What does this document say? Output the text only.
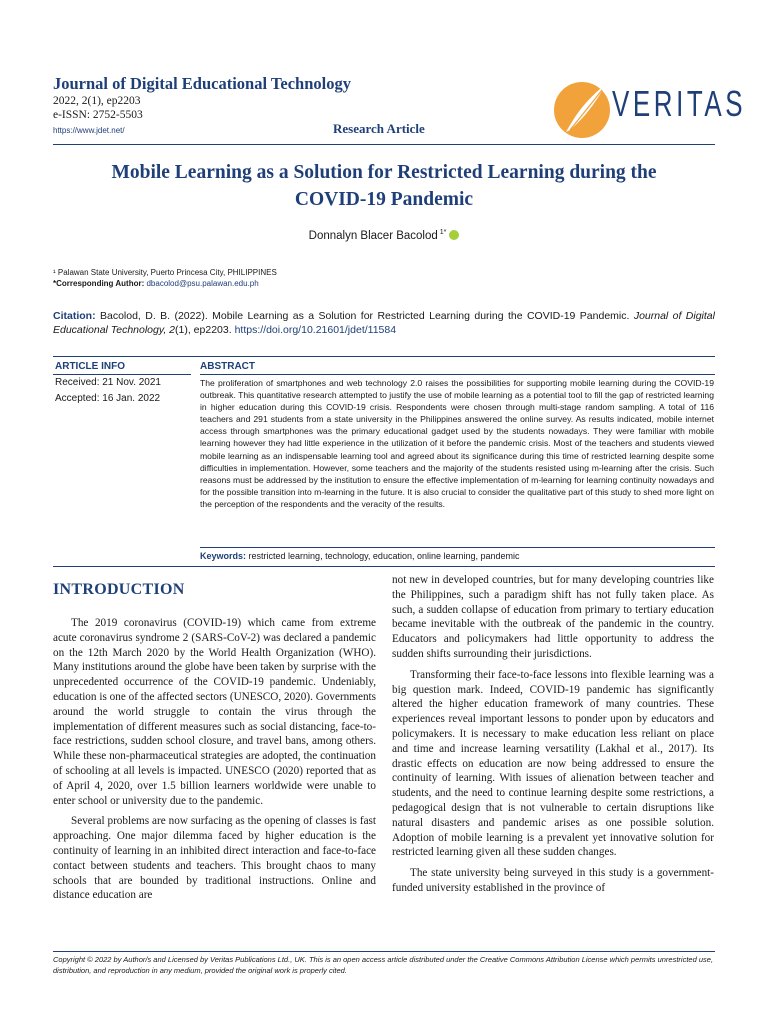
Journal of Digital Educational Technology
2022, 2(1), ep2203
e-ISSN: 2752-5503
https://www.jdet.net/	Research Article
VERITAS
Mobile Learning as a Solution for Restricted Learning during the
COVID-19 Pandemic
Donnalyn Blacer Bacolod $^{1*}$
¹ Palawan State University, Puerto Princesa City, PHILIPPINES
*Corresponding Author: dbacolod@psu.palawan.edu.ph
Citation: Bacolod, D. B. (2022). Mobile Learning as a Solution for Restricted Learning during the COVID-19 Pandemic. Journal of Digital Educational Technology, 2(1), ep2203. https://doi.org/10.21601/jdet/11584
ARTICLE INFO	ABSTRACT
Received: 21 Nov. 2021
Accepted: 16 Jan. 2022
The proliferation of smartphones and web technology 2.0 raises the possibilities for supporting mobile learning during the COVID-19 outbreak. This quantitative research attempted to justify the use of mobile learning as a potential tool to fill the gap of restricted learning in higher education during this COVID-19 crisis. Respondents were chosen through multi-stage random sampling. A total of 116 teachers and 291 students from a state university in the Philippines answered the online survey. As results indicated, mobile internet access through smartphones was the primary educational gadget used by the students nowadays. They were familiar with mobile learning however they had little experience in the utilization of it before the pandemic crisis. Most of the teachers and students viewed mobile learning as an indispensable learning tool and agreed about its significance during this time of restricted learning despite some difficulties in implementation. However, some teachers and the majority of the students resisted using m-learning after the crisis. Such reasons must be addressed by the institution to ensure the effective implementation of m-learning for learning continuity nowadays and for the possible transition into m-learning in the future. It is also crucial to consider the qualitative part of this study to shed more light on the perception of the respondents and the veracity of the results.
Keywords: restricted learning, technology, education, online learning, pandemic
INTRODUCTION

The 2019 coronavirus (COVID-19) which came from extreme acute coronavirus syndrome 2 (SARS-CoV-2) was declared a pandemic on the 12th March 2020 by the World Health Organization (WHO). Many institutions around the globe have been taken by surprise with the unprecedented occurrence of the COVID-19 pandemic. Undeniably, education is one of the affected sectors (UNESCO, 2020). Governments around the world struggle to contain the virus through the implementation of different measures such as social distancing, face-to-face restrictions, sudden school closure, and travel bans, among others. While these non-pharmaceutical strategies are adopted, the continuation of schooling at all levels is impacted. UNESCO (2020) reported that as of April 4, 2020, over 1.5 billion learners worldwide were unable to enter school or university due to the pandemic.

Several problems are now surfacing as the opening of classes is fast approaching. One major dilemma faced by higher education is the continuity of learning in an inhibited direct interaction and face-to-face contact between students and teachers. This brought chaos to many schools that are bounded by traditional instructions. Online and distance education are

not new in developed countries, but for many developing countries like the Philippines, such a paradigm shift has not fully taken place. As such, a sudden collapse of education from primary to tertiary education became inevitable with the outbreak of the pandemic in the country. Educators and policymakers had little opportunity to address the sudden shifts surrounding their jurisdictions.

Transforming their face-to-face lessons into flexible learning was a big question mark. Indeed, COVID-19 pandemic has significantly altered the higher education framework of many countries. These experiences reveal important lessons to ponder upon by educators and policymakers. It is necessary to make education less reliant on place and time and increase learning versatility (Lakhal et al., 2017). Its drastic effects on education are now being addressed to ensure the continuity of learning. With issues of alienation between teacher and students, and the need to continue learning despite some restrictions, a pedagogical design that is not vulnerable to certain disruptions like natural disasters and pandemic arises as one possible solution. Adoption of mobile learning is a prevalent yet innovative solution for restricted learning given all these sudden changes.

The state university being surveyed in this study is a government-funded university established in the province of

Copyright © 2022 by Author/s and Licensed by Veritas Publications Ltd., UK. This is an open access article distributed under the Creative Commons Attribution License which permits unrestricted use, distribution, and reproduction in any medium, provided the original work is properly cited.
